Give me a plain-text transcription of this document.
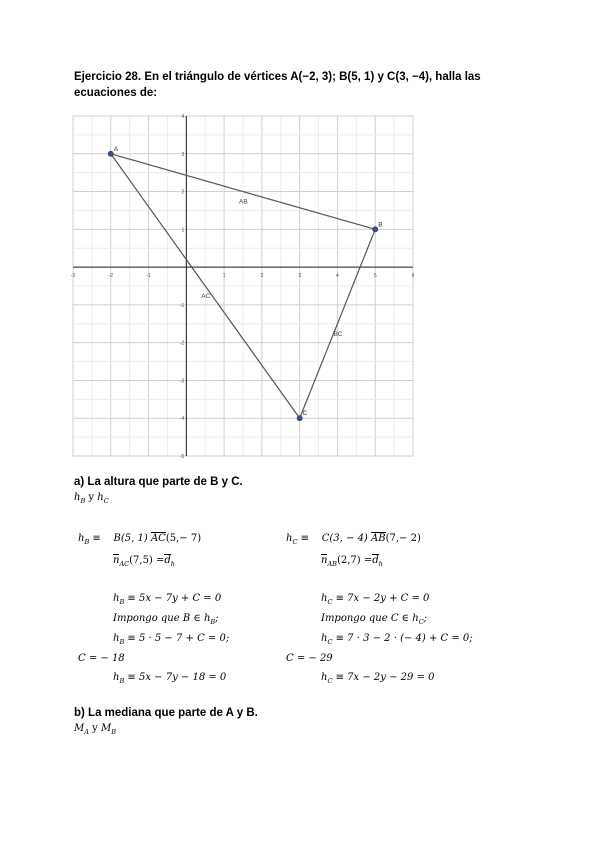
Ejercicio 28. En el triángulo de vértices A(−2, 3); B(5, 1) y C(3, −4), halla las ecuaciones de:
-3	-2	-1	1	2	3	4	5	6
4
3
2
1
-1
-2
-3
-4
-5
AB
AC
BC
A
B
C
a) La altura que parte de B y C.
$h_B$ y $h_C$
$h_B \equiv B(5$, 1) AC(5,− 7)
$n_{AC}(7,5) =d_h$
$h_B \equiv 5x - 7y + C = 0$
Impongo que B ∈ $h_B$;
$h_B \equiv 5 \cdot 5 - 7 + C = 0$;
C = − 18
$h_B \equiv 5x - 7y - 18 = 0$
$h_C \equiv C(3$, − 4) AB(7,− 2)
$n_{AB}(2,7) =d_h$
$h_C \equiv 7x - 2y + C = 0$
Impongo que C ∈ $h_C$;
$h_C \equiv 7 \cdot 3 - 2$ · (− 4) + C = 0;
C = − 29
$h_C \equiv 7x - 2y - 29 = 0$
b) La mediana que parte de A y B.
$M_A$ y $M_B$
